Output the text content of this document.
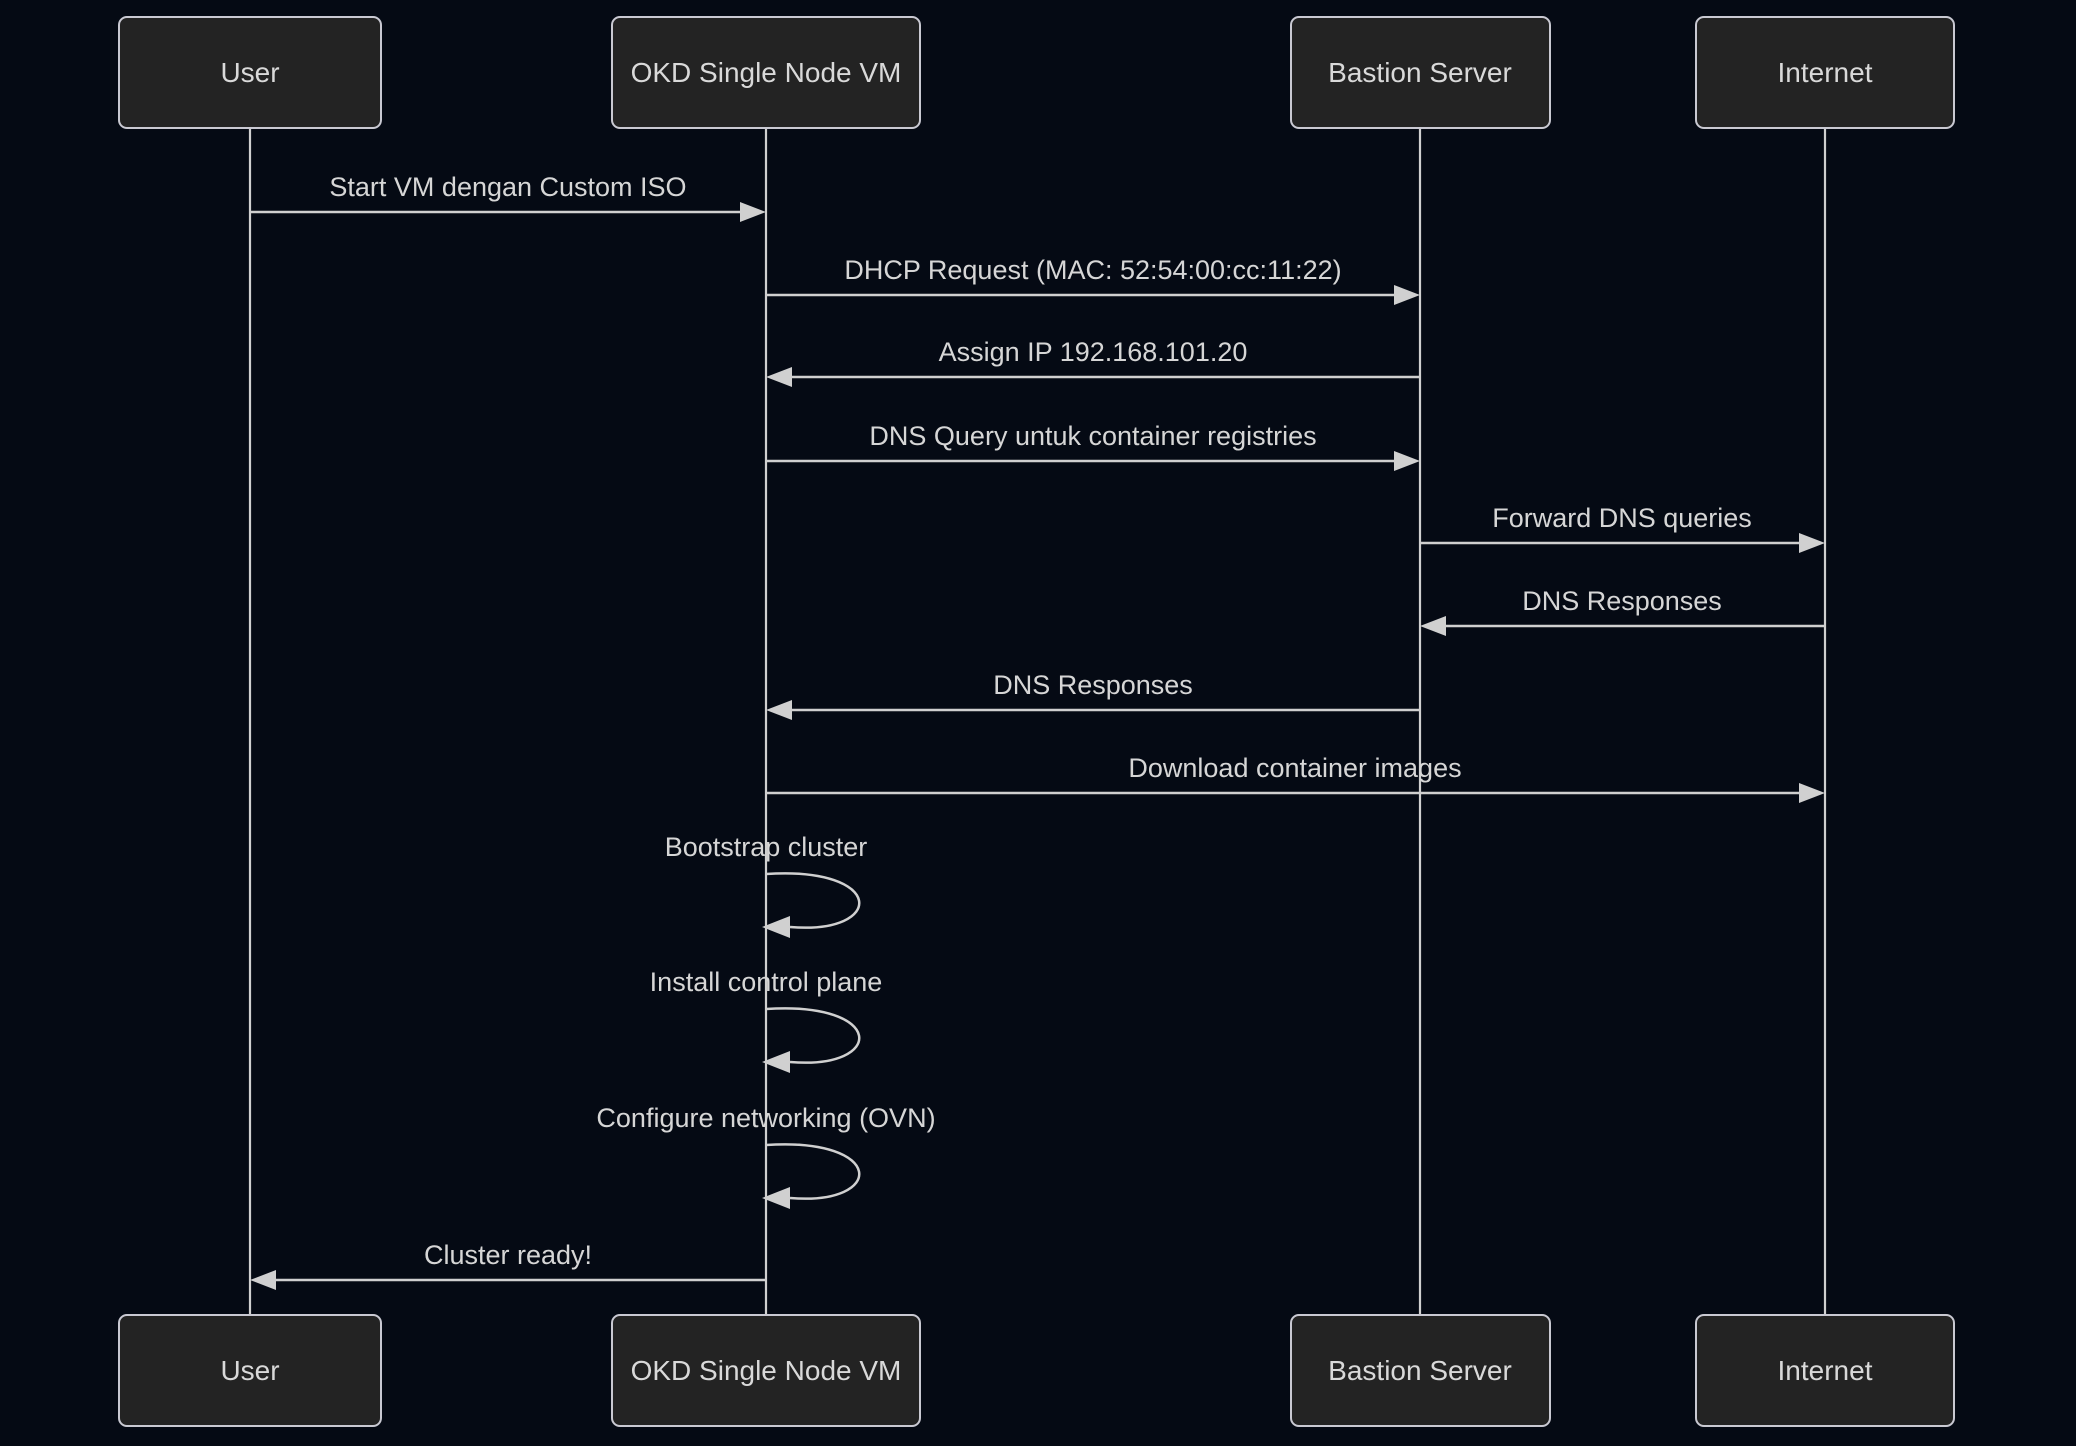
User	OKD Single Node VM	Bastion Server	Internet
User	OKD Single Node VM	Bastion Server	Internet
Start VM dengan Custom ISO
DHCP Request (MAC: 52:54:00:cc:11:22)
Assign IP 192.168.101.20
DNS Query untuk container registries
Forward DNS queries
DNS Responses
DNS Responses
Download container images
Bootstrap cluster
Install control plane
Configure networking (OVN)
Cluster ready!
